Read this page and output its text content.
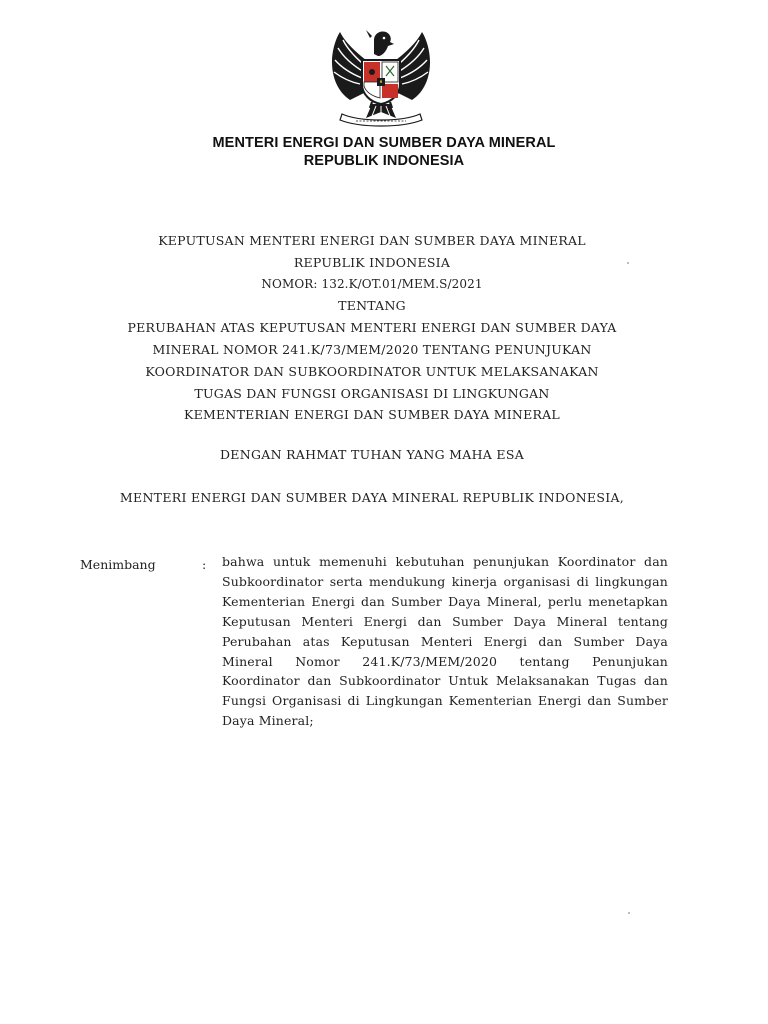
MENTERI ENERGI DAN SUMBER DAYA MINERAL
REPUBLIK INDONESIA
KEPUTUSAN MENTERI ENERGI DAN SUMBER DAYA MINERAL
REPUBLIK INDONESIA
NOMOR: 132.K/OT.01/MEM.S/2021
TENTANG
PERUBAHAN ATAS KEPUTUSAN MENTERI ENERGI DAN SUMBER DAYA
MINERAL NOMOR 241.K/73/MEM/2020 TENTANG PENUNJUKAN
KOORDINATOR DAN SUBKOORDINATOR UNTUK MELAKSANAKAN
TUGAS DAN FUNGSI ORGANISASI DI LINGKUNGAN
KEMENTERIAN ENERGI DAN SUMBER DAYA MINERAL
DENGAN RAHMAT TUHAN YANG MAHA ESA
MENTERI ENERGI DAN SUMBER DAYA MINERAL REPUBLIK INDONESIA,
Menimbang	: bahwa untuk memenuhi kebutuhan penunjukan Koordinator dan Subkoordinator serta mendukung kinerja organisasi di lingkungan Kementerian Energi dan Sumber Daya Mineral, perlu menetapkan Keputusan Menteri Energi dan Sumber Daya Mineral tentang Perubahan atas Keputusan Menteri Energi dan Sumber Daya Mineral Nomor 241.K/73/MEM/2020 tentang Penunjukan Koordinator dan Subkoordinator Untuk Melaksanakan Tugas dan Fungsi Organisasi di Lingkungan Kementerian Energi dan Sumber Daya Mineral;
